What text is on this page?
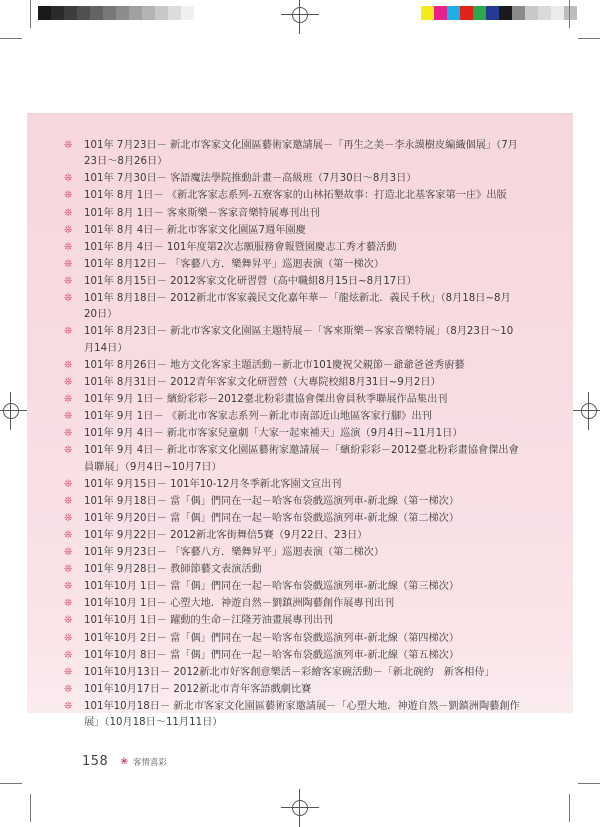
❊
101年 7月23日－ 新北市客家文化園區藝術家邀請展－「再生之美－李永謨樹皮編織個展」（7月23日～8月26日）
❊
101年 7月30日－ 客語魔法學院推動計畫－高級班（7月30日～8月3日）
❊
101年 8月 1日－ 《新北客家志系列-五寮客家的山林拓墾故事：打造北北基客家第一庄》出版
❊
101年 8月 1日－ 客來斯樂－客家音樂特展專刊出刊
❊
101年 8月 4日－ 新北市客家文化園區7週年園慶
❊
101年 8月 4日－ 101年度第2次志願服務會報暨園慶志工秀才藝活動
❊
101年 8月12日－ 「客藝八方．樂舞昇平」巡迴表演（第一梯次）
❊
101年 8月15日－ 2012客家文化研習營（高中職組8月15日~8月17日）
❊
101年 8月18日－ 2012新北市客家義民文化嘉年華－「龍炫新北．義民千秋」（8月18日~8月20日）
❊
101年 8月23日－ 新北市客家文化園區主題特展－「客來斯樂－客家音樂特展」（8月23日～10月14日）
❊
101年 8月26日－ 地方文化客家主題活動－新北市101慶祝父親節－爺爺爸爸秀廚藝
❊
101年 8月31日－ 2012青年客家文化研習營（大專院校組8月31日~9月2日）
❊
101年 9月 1日－ 繽紛彩彩－2012臺北粉彩畫協會傑出會員秋季聯展作品集出刊
❊
101年 9月 1日－ 《新北市客家志系列－新北市南部近山地區客家行腳》出刊
❊
101年 9月 4日－ 新北市客家兒童劇「大家一起來補天」巡演（9月4日~11月1日）
❊
101年 9月 4日－ 新北市客家文化園區藝術家邀請展－「繽紛彩彩－2012臺北粉彩畫協會傑出會員聯展」（9月4日~10月7日）
❊
101年 9月15日－ 101年10-12月冬季新北客園文宣出刊
❊
101年 9月18日－ 當「偶」們同在一起－哈客布袋戲巡演列車-新北線（第一梯次）
❊
101年 9月20日－ 當「偶」們同在一起－哈客布袋戲巡演列車-新北線（第二梯次）
❊
101年 9月22日－ 2012新北客街舞倍5賽（9月22日、23日）
❊
101年 9月23日－ 「客藝八方．樂舞昇平」巡迴表演（第二梯次）
❊
101年 9月28日－ 教師節藝文表演活動
❊
101年10月 1日－ 當「偶」們同在一起－哈客布袋戲巡演列車-新北線（第三梯次）
❊
101年10月 1日－ 心塑大地．神遊自然－劉鎮洲陶藝創作展專刊出刊
❊
101年10月 1日－ 躍動的生命－江隆芳油畫展專刊出刊
❊
101年10月 2日－ 當「偶」們同在一起－哈客布袋戲巡演列車-新北線（第四梯次）
❊
101年10月 8日－ 當「偶」們同在一起－哈客布袋戲巡演列車-新北線（第五梯次）
❊
101年10月13日－ 2012新北市好客創意樂活－彩繪客家碗活動－「新北碗約　新客相侍」
❊
101年10月17日－ 2012新北市青年客語戲劇比賽
❊
101年10月18日－ 新北市客家文化園區藝術家邀請展－「心塑大地．神遊自然－劉鎮洲陶藝創作展」（10月18日～11月11日）
158 ❀ 客情喜彩
